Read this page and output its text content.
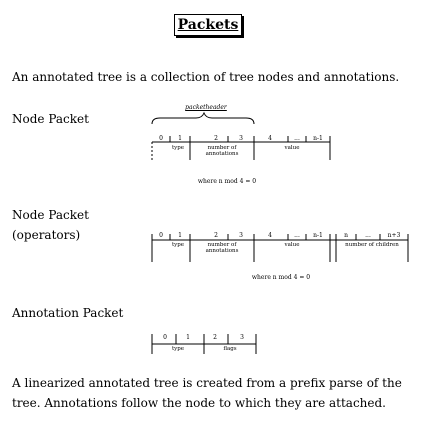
Packets
An annotated tree is a collection of tree nodes and annotations.
Node Packet
Node Packet
(operators)
Annotation Packet
packetheader
0	1	2	3	4	...	n-1
type	number of annotations
value
where n mod 4 = 0
0	1	2	3	4	...	n-1	n	...	n+3
type	number of annotations
value	number of children
where n mod 4 = 0
0	1	2	3
type	flags
A linearized annotated tree is created from a prefix parse of the
tree. Annotations follow the node to which they are attached.
